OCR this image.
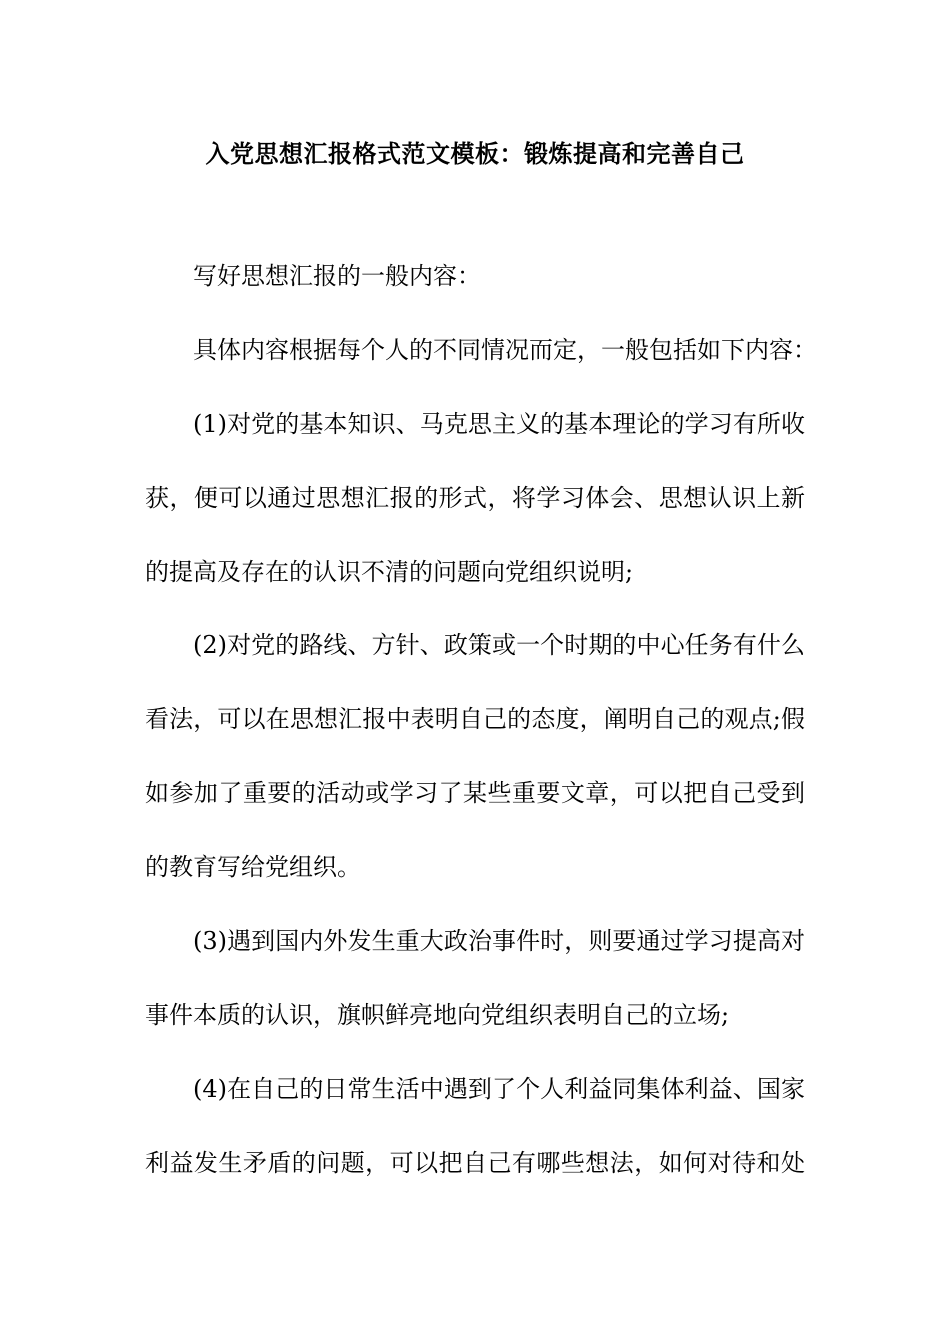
入党思想汇报格式范文模板：锻炼提高和完善自己
写好思想汇报的一般内容：
具体内容根据每个人的不同情况而定，一般包括如下内容：
(1)对党的基本知识、马克思主义的基本理论的学习有所收
获，便可以通过思想汇报的形式，将学习体会、思想认识上新
的提高及存在的认识不清的问题向党组织说明;
(2)对党的路线、方针、政策或一个时期的中心任务有什么
看法，可以在思想汇报中表明自己的态度，阐明自己的观点;假
如参加了重要的活动或学习了某些重要文章，可以把自己受到
的教育写给党组织。
(3)遇到国内外发生重大政治事件时，则要通过学习提高对
事件本质的认识，旗帜鲜亮地向党组织表明自己的立场;
(4)在自己的日常生活中遇到了个人利益同集体利益、国家
利益发生矛盾的问题，可以把自己有哪些想法，如何对待和处
